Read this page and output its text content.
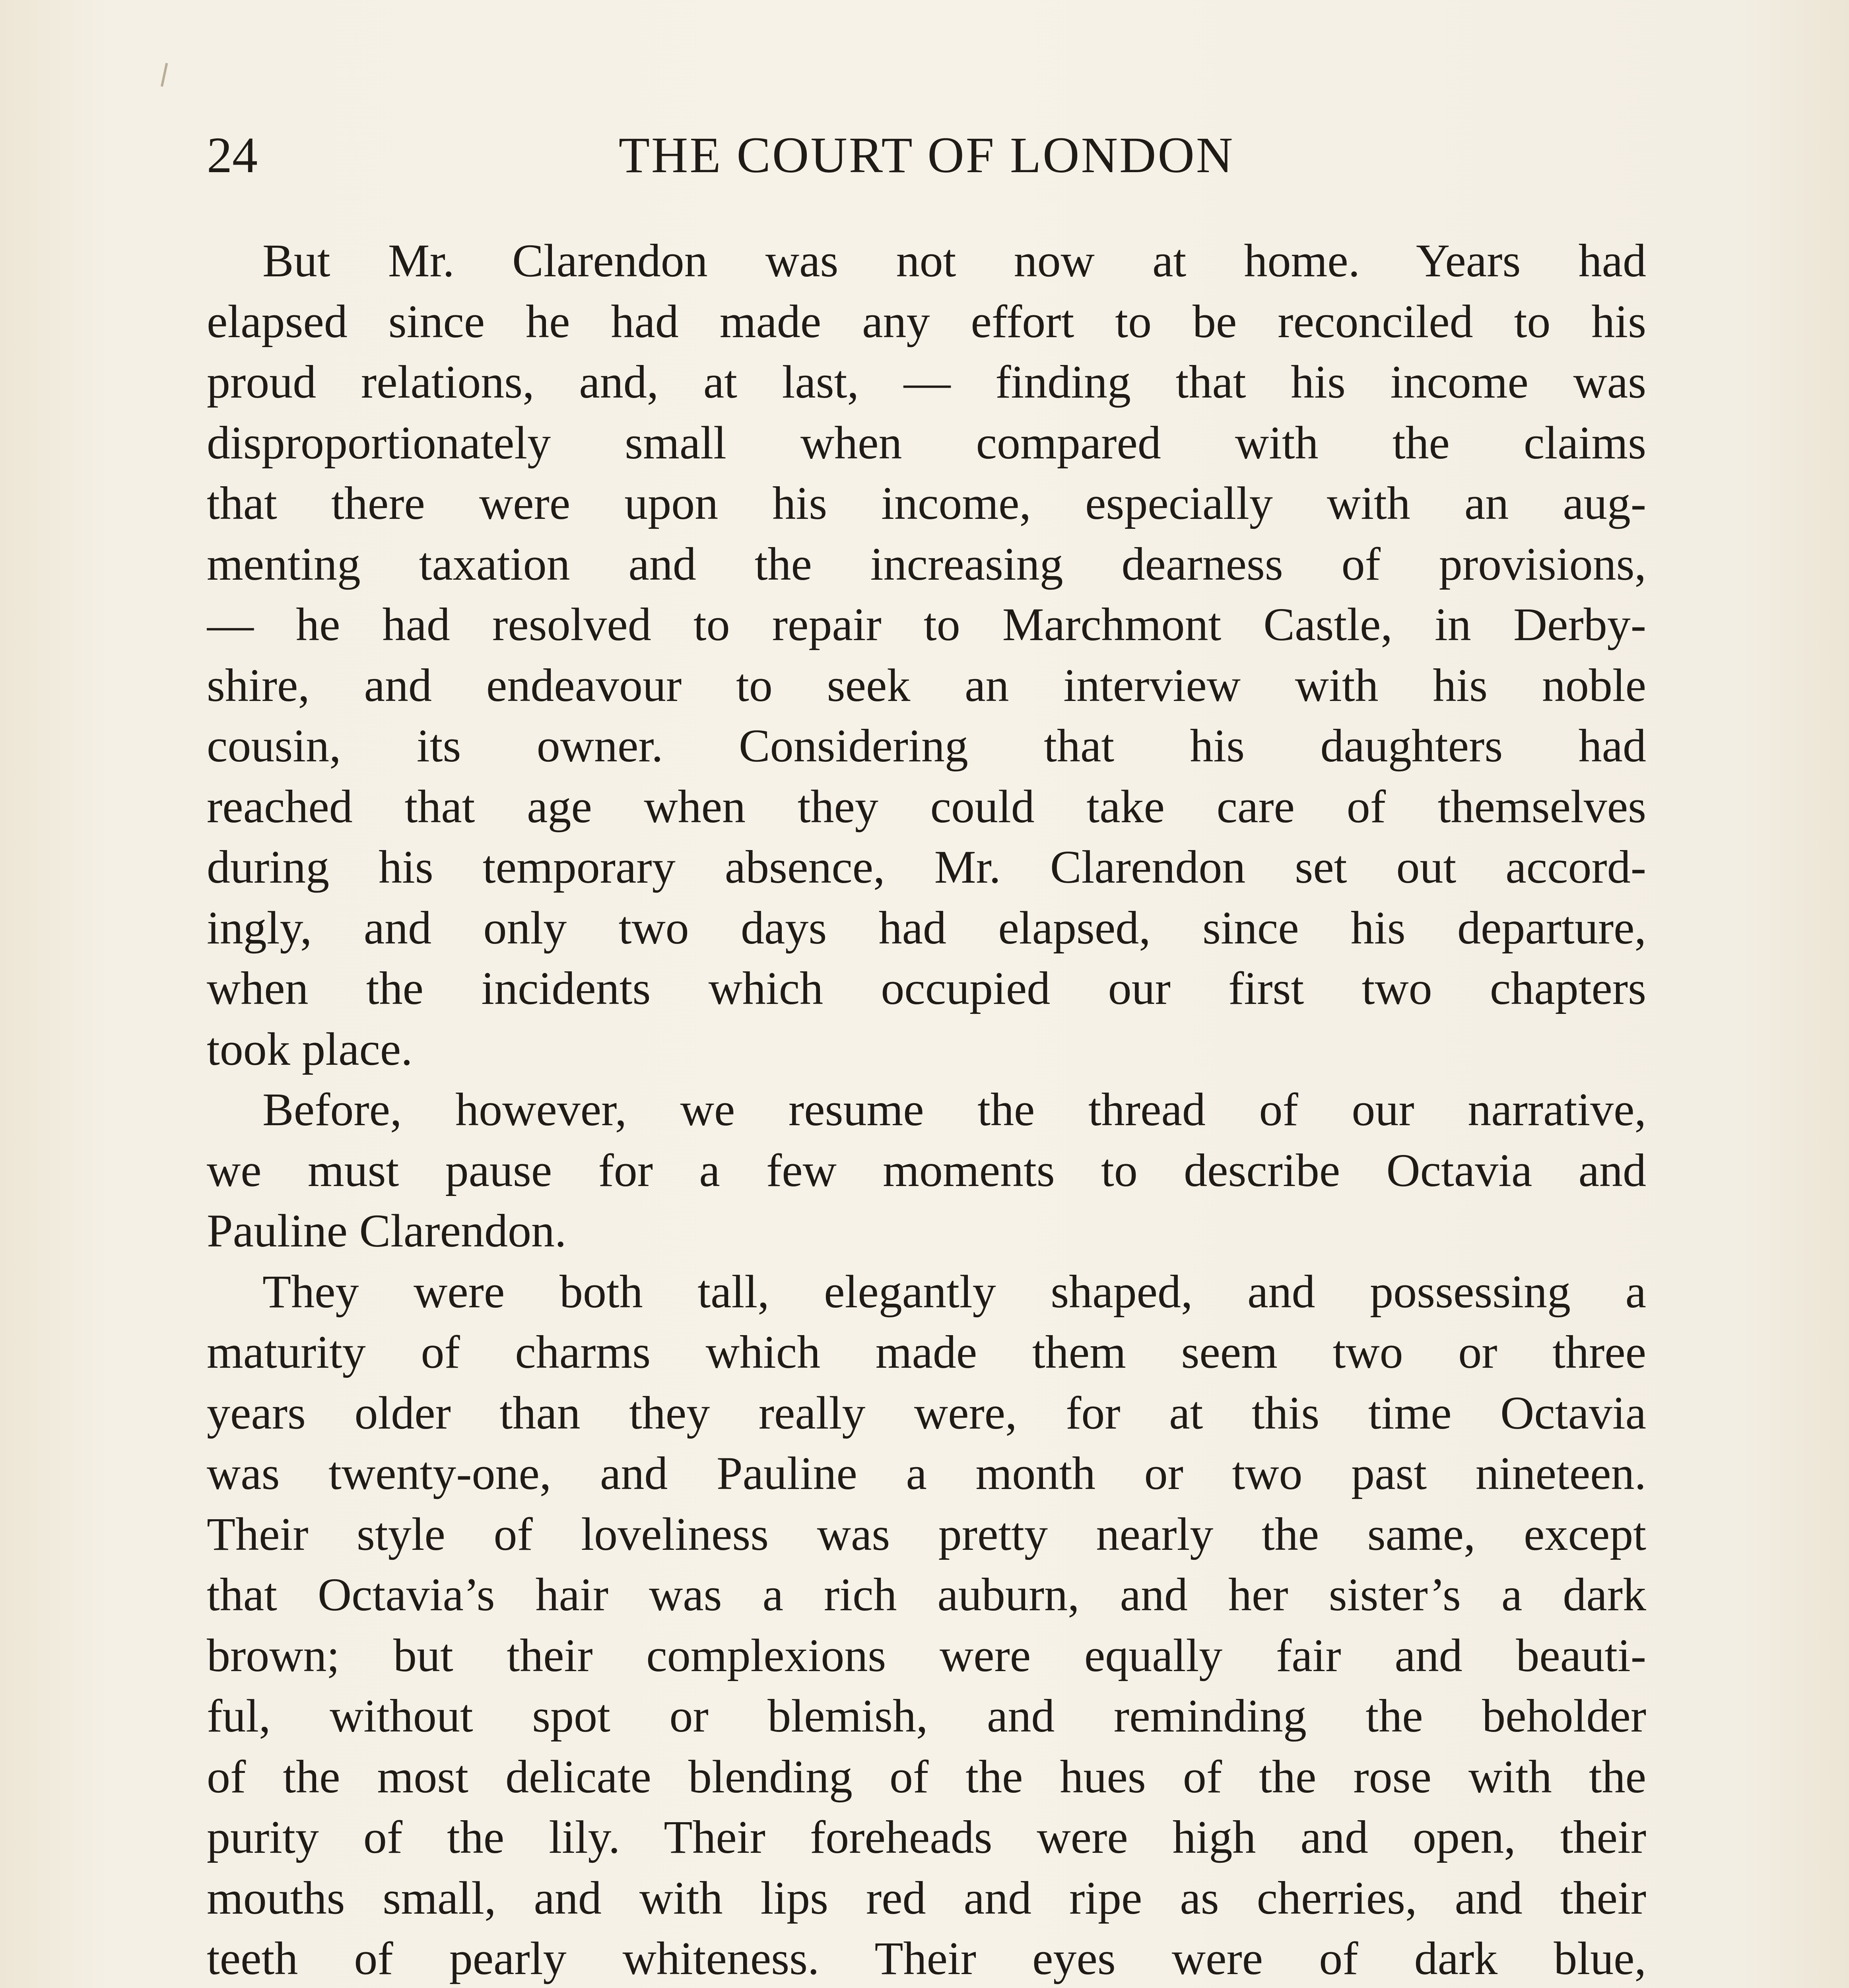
24	THE COURT OF LONDON
But Mr. Clarendon was not now at home. Years had
elapsed since he had made any effort to be reconciled to his
proud relations, and, at last, — finding that his income was
disproportionately small when compared with the claims
that there were upon his income, especially with an aug-
menting taxation and the increasing dearness of provisions,
— he had resolved to repair to Marchmont Castle, in Derby-
shire, and endeavour to seek an interview with his noble
cousin, its owner. Considering that his daughters had
reached that age when they could take care of themselves
during his temporary absence, Mr. Clarendon set out accord-
ingly, and only two days had elapsed, since his departure,
when the incidents which occupied our first two chapters
took place.
Before, however, we resume the thread of our narrative,
we must pause for a few moments to describe Octavia and
Pauline Clarendon.
They were both tall, elegantly shaped, and possessing a
maturity of charms which made them seem two or three
years older than they really were, for at this time Octavia
was twenty-one, and Pauline a month or two past nineteen.
Their style of loveliness was pretty nearly the same, except
that Octavia’s hair was a rich auburn, and her sister’s a dark
brown; but their complexions were equally fair and beauti-
ful, without spot or blemish, and reminding the beholder
of the most delicate blending of the hues of the rose with the
purity of the lily. Their foreheads were high and open, their
mouths small, and with lips red and ripe as cherries, and their
teeth of pearly whiteness. Their eyes were of dark blue,
